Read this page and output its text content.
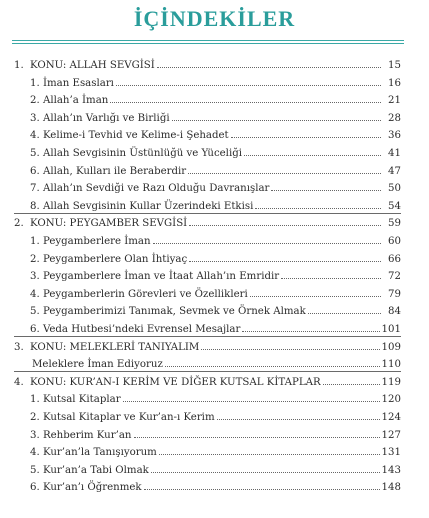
İÇİNDEKİLER
1. KONU: ALLAH SEVGİSİ	15
1. İman Esasları	16
2. Allah’a İman	21
3. Allah’ın Varlığı ve Birliği	28
4. Kelime-i Tevhid ve Kelime-i Şehadet	36
5. Allah Sevgisinin Üstünlüğü ve Yüceliği	41
6. Allah, Kulları ile Beraberdir	47
7. Allah’ın Sevdiği ve Razı Olduğu Davranışlar	50
8. Allah Sevgisinin Kullar Üzerindeki Etkisi	54
2. KONU: PEYGAMBER SEVGİSİ	59
1. Peygamberlere İman	60
2. Peygamberlere Olan İhtiyaç	66
3. Peygamberlere İman ve İtaat Allah’ın Emridir	72
4. Peygamberlerin Görevleri ve Özellikleri	79
5. Peygamberimizi Tanımak, Sevmek ve Örnek Almak	84
6. Veda Hutbesi’ndeki Evrensel Mesajlar	101
3. KONU: MELEKLERİ TANIYALIM	109
Meleklere İman Ediyoruz	110
4. KONU: KUR’AN-I KERİM VE DİĞER KUTSAL KİTAPLAR	119
1. Kutsal Kitaplar	120
2. Kutsal Kitaplar ve Kur’an-ı Kerim	124
3. Rehberim Kur’an	127
4. Kur’an’la Tanışıyorum	131
5. Kur’an’a Tabi Olmak	143
6. Kur’an’ı Öğrenmek	148
